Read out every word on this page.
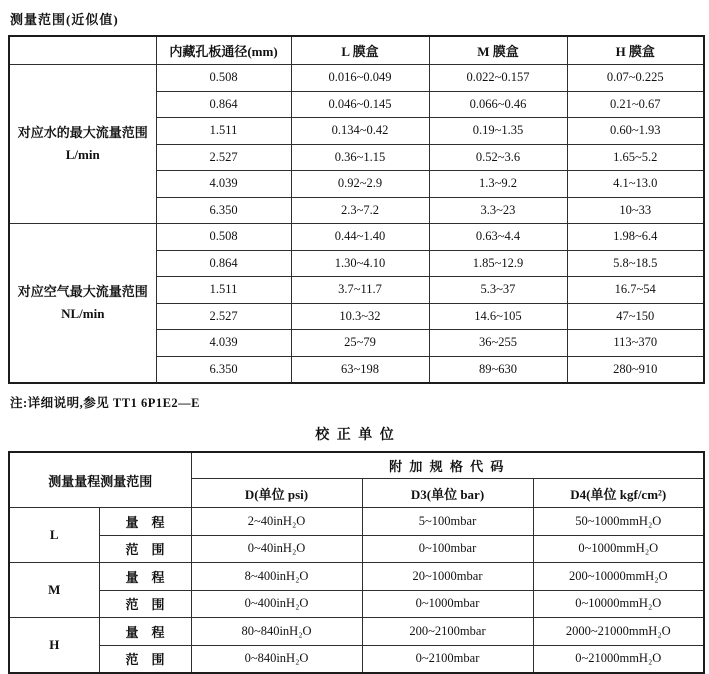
测量范围(近似值)
	内藏孔板通径(mm)	L 膜盒	M 膜盒	H 膜盒

对应水的最大流量范围
L/min	0.508	0.016~0.049	0.022~0.157	0.07~0.225
	0.864	0.046~0.145	0.066~0.46	0.21~0.67
	1.511	0.134~0.42	0.19~1.35	0.60~1.93
	2.527	0.36~1.15	0.52~3.6	1.65~5.2
	4.039	0.92~2.9	1.3~9.2	4.1~13.0
	6.350	2.3~7.2	3.3~23	10~33

对应空气最大流量范围
NL/min	0.508	0.44~1.40	0.63~4.4	1.98~6.4
	0.864	1.30~4.10	1.85~12.9	5.8~18.5
	1.511	3.7~11.7	5.3~37	16.7~54
	2.527	10.3~32	14.6~105	47~150
	4.039	25~79	36~255	113~370
	6.350	63~198	89~630	280~910
注:详细说明,参见 TT1 6P1E2—E
校 正 单 位
测量量程测量范围		附 加 规 格 代 码		
		D(单位 psi)	D3(单位 bar)	D4(单位 kgf/cm²)
L	量　程	2~40inH₂O	5~100mbar	50~1000mmH₂O
	范　围	0~40inH₂O	0~100mbar	0~1000mmH₂O
M	量　程	8~400inH₂O	20~1000mbar	200~10000mmH₂O
	范　围	0~400inH₂O	0~1000mbar	0~10000mmH₂O
H	量　程	80~840inH₂O	200~2100mbar	2000~21000mmH₂O
	范　围	0~840inH₂O	0~2100mbar	0~21000mmH₂O
